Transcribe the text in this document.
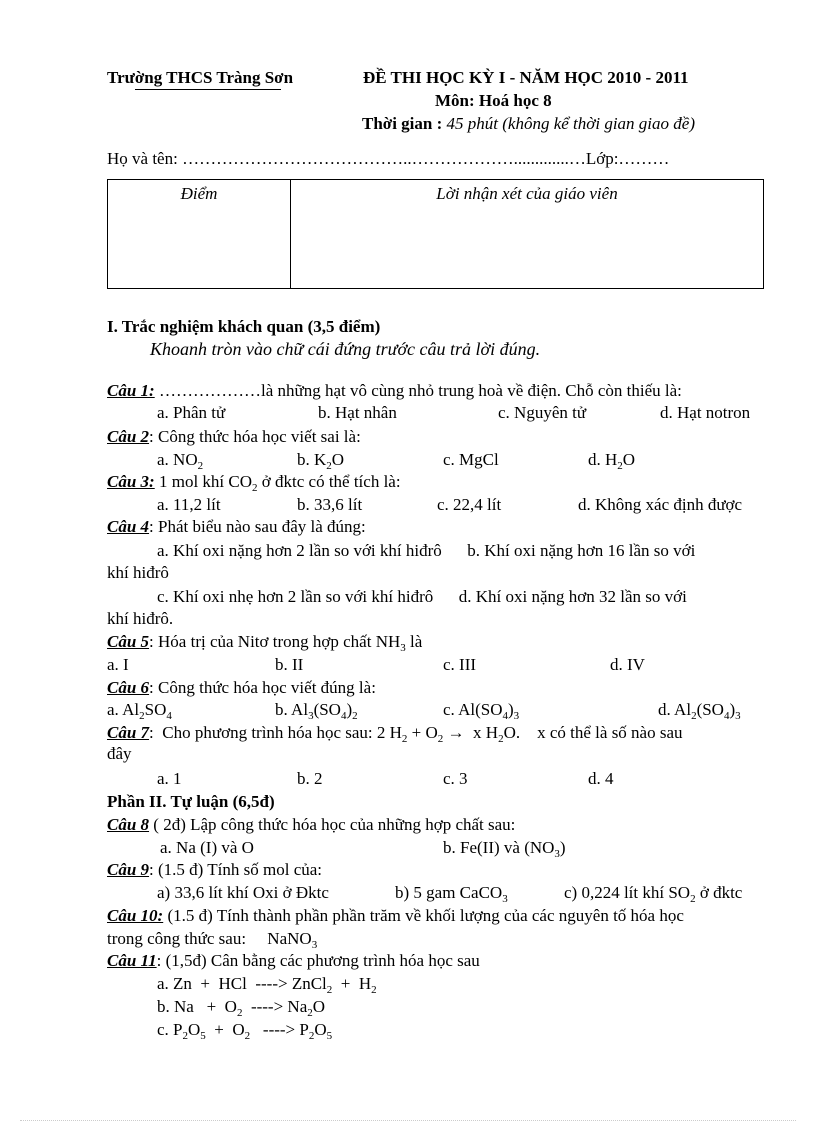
Trường THCS Tràng Sơn	ĐỀ THI HỌC KỲ I - NĂM HỌC 2010 - 2011
Môn: Hoá học 8
Thời gian : 45 phút (không kể thời gian giao đề)
Họ và tên: …………………………………..……………….............…Lớp:………
Điểm	Lời nhận xét của giáo viên
I. Trắc nghiệm khách quan (3,5 điểm)
Khoanh tròn vào chữ cái đứng trước câu trả lời đúng.
Câu 1: ………………là những hạt vô cùng nhỏ trung hoà về điện. Chỗ còn thiếu là:
a. Phân tử	b. Hạt nhân	c. Nguyên tử	d. Hạt notron
Câu 2: Công thức hóa học viết sai là:
a. $NO_2$	b. $K_2O$	c. MgCl	d. $H_2O$
Câu 3: 1 mol khí $CO_2$ ở đktc có thể tích là:
a. 11,2 lít	b. 33,6 lít	c. 22,4 lít	d. Không xác định được
Câu 4: Phát biểu nào sau đây là đúng:
a. Khí oxi nặng hơn 2 lần so với khí hiđrô      b. Khí oxi nặng hơn 16 lần so với
khí hiđrô
c. Khí oxi nhẹ hơn 2 lần so với khí hiđrô      d. Khí oxi nặng hơn 32 lần so với
khí hiđrô.
Câu 5: Hóa trị của Nitơ trong hợp chất $NH_3$ là
a. I	b. II	c. III	d. IV
Câu 6: Công thức hóa học viết đúng là:
a. $Al_2SO_4$	b. $Al_3(SO_4)_2$	c. $Al(SO_4)_3$	d. $Al_2(SO_4)_3$
Câu 7:  Cho phương trình hóa học sau: 2 $H_2 + O_2 \to x$ $H_2O$.    x có thể là số nào sau
đây
a. 1	b. 2	c. 3	d. 4
Phần II. Tự luận (6,5đ)
Câu 8 ( 2đ) Lập công thức hóa học của những hợp chất sau:
a. Na (I) và O	b. Fe(II) và $(NO_3)$
Câu 9: (1.5 đ) Tính số mol của:
a) 33,6 lít khí Oxi ở Đktc	b) 5 gam CaCO$_3$	c) 0,224 lít khí $SO_2$ ở đktc
Câu 10: (1.5 đ) Tính thành phần phần trăm về khối lượng của các nguyên tố hóa học
trong công thức sau:     NaNO$_3$
Câu 11: (1,5đ) Cân bằng các phương trình hóa học sau
a. Zn  +  HCl  ----> ZnCl$_2$  +  $H_2$
b. $Na + O_2$  ----> $Na_2O$
c. $P_2O_5 + O_2$   ----> $P_2O_5$
